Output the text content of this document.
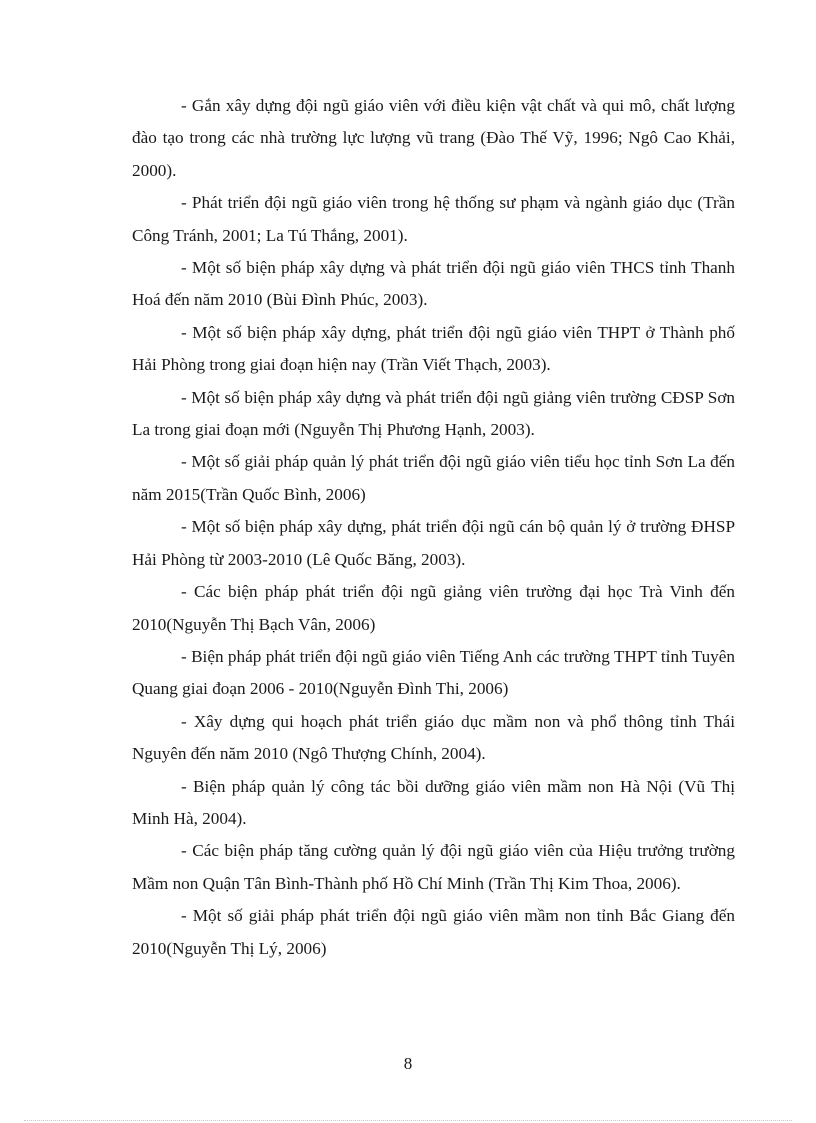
- Gắn xây dựng đội ngũ giáo viên với điều kiện vật chất và qui mô, chất lượng đào tạo trong các nhà trường lực lượng vũ trang (Đào Thế Vỹ, 1996; Ngô Cao Khải, 2000).

- Phát triển đội ngũ giáo viên trong hệ thống sư phạm và ngành giáo dục (Trần Công Tránh, 2001; La Tú Thắng, 2001).

- Một số biện pháp xây dựng và phát triển đội ngũ giáo viên THCS tỉnh Thanh Hoá đến năm 2010 (Bùi Đình Phúc, 2003).

- Một số biện pháp xây dựng, phát triển đội ngũ giáo viên THPT ở Thành phố Hải Phòng trong giai đoạn hiện nay (Trần Viết Thạch, 2003).

- Một số biện pháp xây dựng và phát triển đội ngũ giảng viên trường CĐSP Sơn La trong giai đoạn mới (Nguyễn Thị Phương Hạnh, 2003).

- Một số giải pháp quản lý phát triển đội ngũ giáo viên tiểu học tỉnh Sơn La đến năm 2015(Trần Quốc Bình, 2006)

- Một số biện pháp xây dựng, phát triển đội ngũ cán bộ quản lý ở trường ĐHSP Hải Phòng từ 2003-2010 (Lê Quốc Băng, 2003).

- Các biện pháp phát triển đội ngũ giảng viên trường đại học Trà Vinh đến 2010(Nguyễn Thị Bạch Vân, 2006)

- Biện pháp phát triển đội ngũ giáo viên Tiếng Anh các trường THPT tỉnh Tuyên Quang giai đoạn 2006 - 2010(Nguyễn Đình Thi, 2006)

- Xây dựng qui hoạch phát triển giáo dục mầm non và phổ thông tỉnh Thái Nguyên đến năm 2010 (Ngô Thượng Chính, 2004).

- Biện pháp quản lý công tác bồi dưỡng giáo viên mầm non Hà Nội (Vũ Thị Minh Hà, 2004).

- Các biện pháp tăng cường quản lý đội ngũ giáo viên của Hiệu trưởng trường Mầm non Quận Tân Bình-Thành phố Hồ Chí Minh (Trần Thị Kim Thoa, 2006).

- Một số giải pháp phát triển đội ngũ giáo viên mầm non tỉnh Bắc Giang đến 2010(Nguyễn Thị Lý, 2006)

8
